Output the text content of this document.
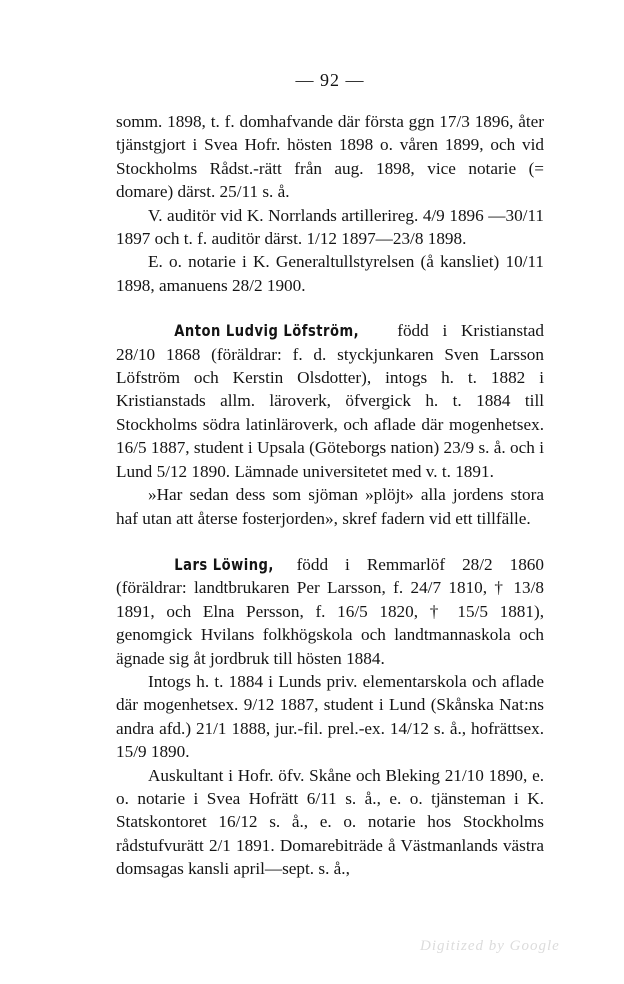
— 92 —

somm. 1898, t. f. domhafvande där första ggn 17/3 1896, åter tjänstgjort i Svea Hofr. hösten 1898 o. våren 1899, och vid Stockholms Rådst.-rätt från aug. 1898, vice notarie (= domare) därst. 25/11 s. å.

V. auditör vid K. Norrlands artillerireg. 4/9 1896 —30/11 1897 och t. f. auditör därst. 1/12 1897—23/8 1898.

E. o. notarie i K. Generaltullstyrelsen (å kansliet) 10/11 1898, amanuens 28/2 1900.

Anton Ludvig Löfström, född i Kristianstad 28/10 1868 (föräldrar: f. d. styckjunkaren Sven Larsson Löfström och Kerstin Olsdotter), intogs h. t. 1882 i Kristianstads allm. läroverk, öfvergick h. t. 1884 till Stockholms södra latinläroverk, och aflade där mogenhetsex. 16/5 1887, student i Upsala (Göteborgs nation) 23/9 s. å. och i Lund 5/12 1890. Lämnade universitetet med v. t. 1891.

»Har sedan dess som sjöman »plöjt» alla jordens stora haf utan att återse fosterjorden», skref fadern vid ett tillfälle.

Lars Löwing, född i Remmarlöf 28/2 1860 (föräldrar: landtbrukaren Per Larsson, f. 24/7 1810, † 13/8 1891, och Elna Persson, f. 16/5 1820, † 15/5 1881), genomgick Hvilans folkhögskola och landtmannaskola och ägnade sig åt jordbruk till hösten 1884.

Intogs h. t. 1884 i Lunds priv. elementarskola och aflade där mogenhetsex. 9/12 1887, student i Lund (Skånska Nat:ns andra afd.) 21/1 1888, jur.-fil. prel.-ex. 14/12 s. å., hofrättsex. 15/9 1890.

Auskultant i Hofr. öfv. Skåne och Bleking 21/10 1890, e. o. notarie i Svea Hofrätt 6/11 s. å., e. o. tjänsteman i K. Statskontoret 16/12 s. å., e. o. notarie hos Stockholms rådstufvurätt 2/1 1891. Domarebiträde å Västmanlands västra domsagas kansli april—sept. s. å.,

Digitized by Google
